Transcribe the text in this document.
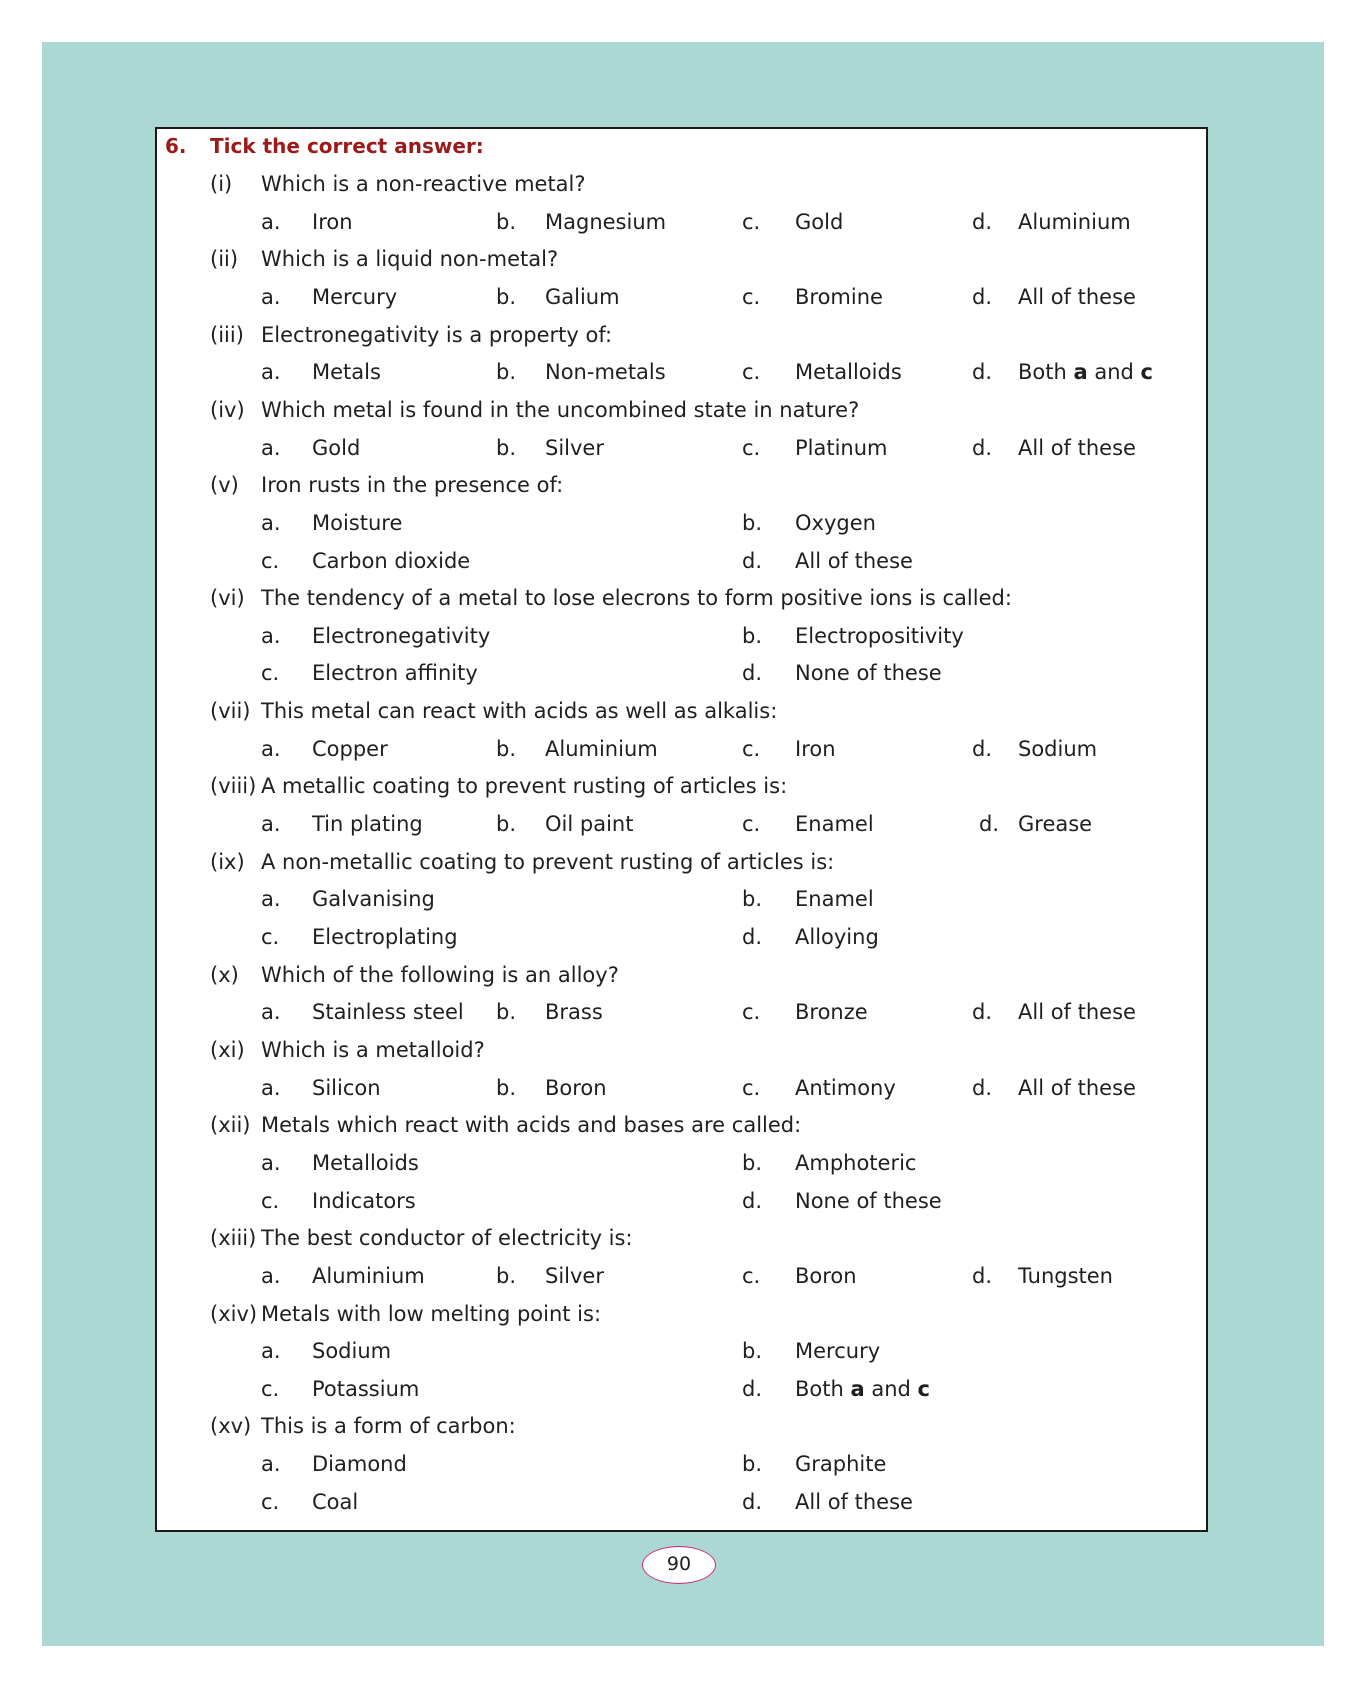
6. Tick the correct answer:
(i) Which is a non-reactive metal?
a. Iron	b. Magnesium	c. Gold	d. Aluminium
(ii) Which is a liquid non-metal?
a. Mercury	b. Galium	c. Bromine	d. All of these
(iii) Electronegativity is a property of:
a. Metals	b. Non-metals	c. Metalloids	d. Both a and c
(iv) Which metal is found in the uncombined state in nature?
a. Gold	b. Silver	c. Platinum	d. All of these
(v) Iron rusts in the presence of:
a. Moisture	b. Oxygen
c. Carbon dioxide	d. All of these
(vi) The tendency of a metal to lose elecrons to form positive ions is called:
a. Electronegativity	b. Electropositivity
c. Electron affinity	d. None of these
(vii) This metal can react with acids as well as alkalis:
a. Copper	b. Aluminium	c. Iron	d. Sodium
(viii) A metallic coating to prevent rusting of articles is:
a. Tin plating	b. Oil paint	c. Enamel	d. Grease
(ix) A non-metallic coating to prevent rusting of articles is:
a. Galvanising	b. Enamel
c. Electroplating	d. Alloying
(x) Which of the following is an alloy?
a. Stainless steel b. Brass	c. Bronze	d. All of these
(xi) Which is a metalloid?
a. Silicon	b. Boron	c. Antimony	d. All of these
(xii) Metals which react with acids and bases are called:
a. Metalloids	b. Amphoteric
c. Indicators	d. None of these
(xiii) The best conductor of electricity is:
a. Aluminium	b. Silver	c. Boron	d. Tungsten
(xiv) Metals with low melting point is:
a. Sodium	b. Mercury
c. Potassium	d. Both a and c
(xv) This is a form of carbon:
a. Diamond	b. Graphite
c. Coal	d. All of these
90
